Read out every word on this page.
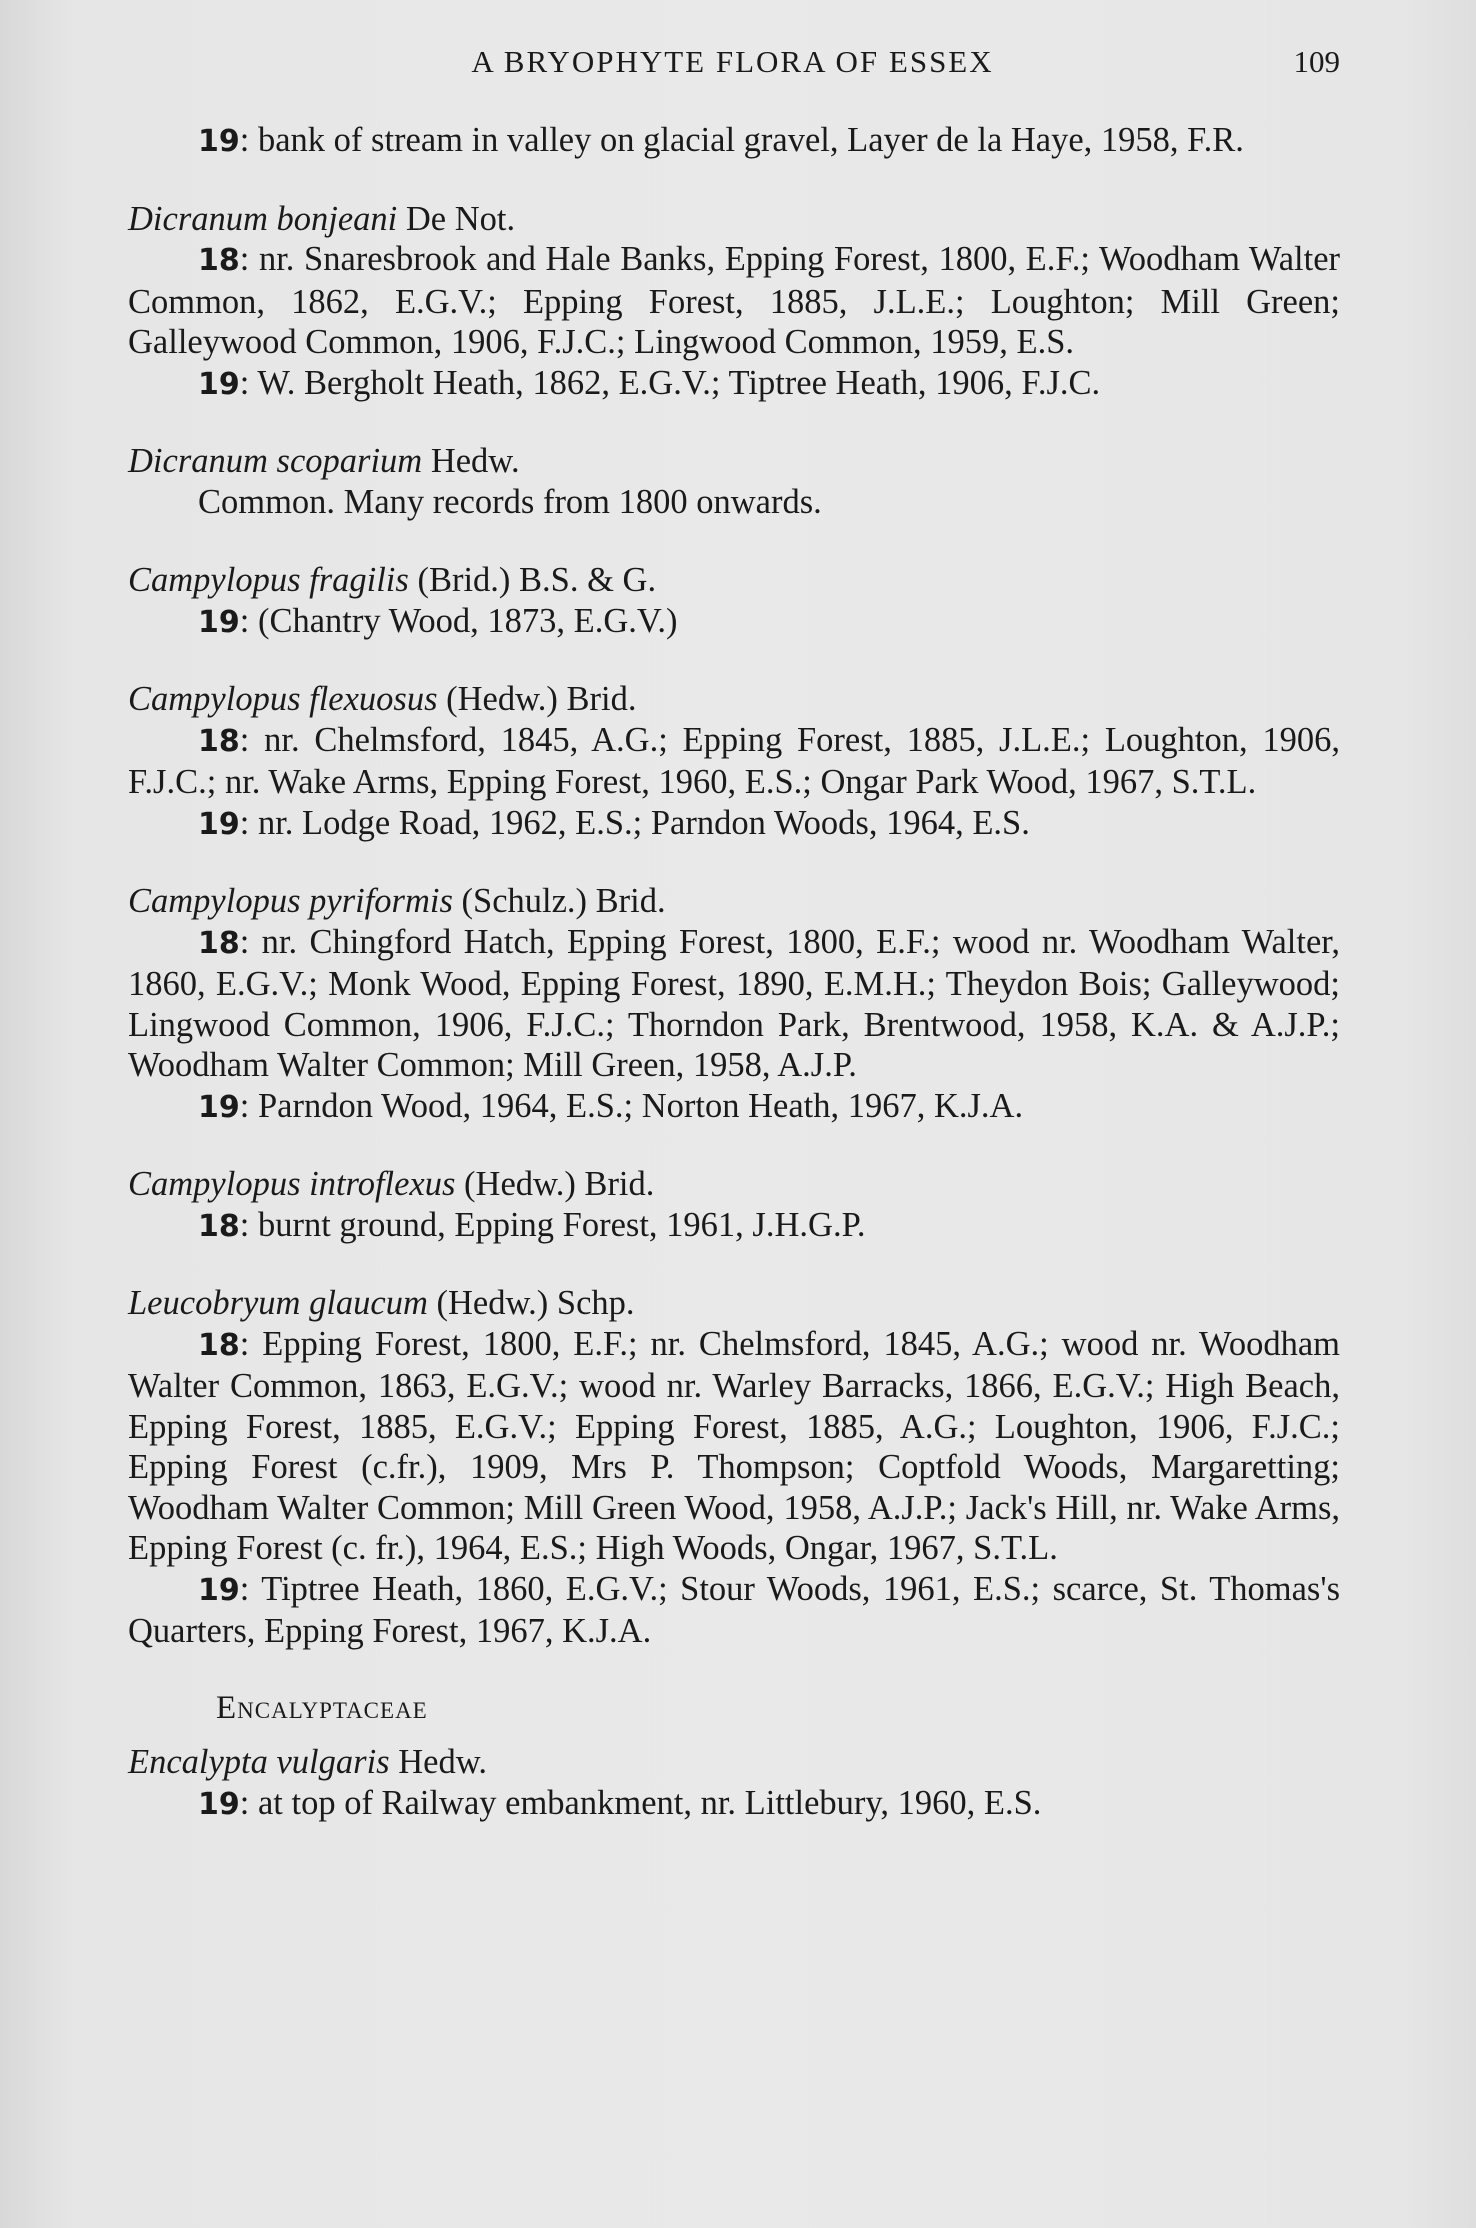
A BRYOPHYTE FLORA OF ESSEX	109

19: bank of stream in valley on glacial gravel, Layer de la Haye, 1958, F.R.

Dicranum bonjeani De Not.

18: nr. Snaresbrook and Hale Banks, Epping Forest, 1800, E.F.; Woodham Walter Common, 1862, E.G.V.; Epping Forest, 1885, J.L.E.; Loughton; Mill Green; Galleywood Common, 1906, F.J.C.; Lingwood Common, 1959, E.S.

19: W. Bergholt Heath, 1862, E.G.V.; Tiptree Heath, 1906, F.J.C.

Dicranum scoparium Hedw.

Common. Many records from 1800 onwards.

Campylopus fragilis (Brid.) B.S. & G.

19: (Chantry Wood, 1873, E.G.V.)

Campylopus flexuosus (Hedw.) Brid.

18: nr. Chelmsford, 1845, A.G.; Epping Forest, 1885, J.L.E.; Loughton, 1906, F.J.C.; nr. Wake Arms, Epping Forest, 1960, E.S.; Ongar Park Wood, 1967, S.T.L.

19: nr. Lodge Road, 1962, E.S.; Parndon Woods, 1964, E.S.

Campylopus pyriformis (Schulz.) Brid.

18: nr. Chingford Hatch, Epping Forest, 1800, E.F.; wood nr. Woodham Walter, 1860, E.G.V.; Monk Wood, Epping Forest, 1890, E.M.H.; Theydon Bois; Galleywood; Lingwood Common, 1906, F.J.C.; Thorndon Park, Brentwood, 1958, K.A. & A.J.P.; Woodham Walter Common; Mill Green, 1958, A.J.P.

19: Parndon Wood, 1964, E.S.; Norton Heath, 1967, K.J.A.

Campylopus introflexus (Hedw.) Brid.

18: burnt ground, Epping Forest, 1961, J.H.G.P.

Leucobryum glaucum (Hedw.) Schp.

18: Epping Forest, 1800, E.F.; nr. Chelmsford, 1845, A.G.; wood nr. Woodham Walter Common, 1863, E.G.V.; wood nr. Warley Barracks, 1866, E.G.V.; High Beach, Epping Forest, 1885, E.G.V.; Epping Forest, 1885, A.G.; Loughton, 1906, F.J.C.; Epping Forest (c.fr.), 1909, Mrs P. Thompson; Coptfold Woods, Margaretting; Woodham Walter Common; Mill Green Wood, 1958, A.J.P.; Jack's Hill, nr. Wake Arms, Epping Forest (c. fr.), 1964, E.S.; High Woods, Ongar, 1967, S.T.L.

19: Tiptree Heath, 1860, E.G.V.; Stour Woods, 1961, E.S.; scarce, St. Thomas's Quarters, Epping Forest, 1967, K.J.A.

Encalyptaceae

Encalypta vulgaris Hedw.

19: at top of Railway embankment, nr. Littlebury, 1960, E.S.
